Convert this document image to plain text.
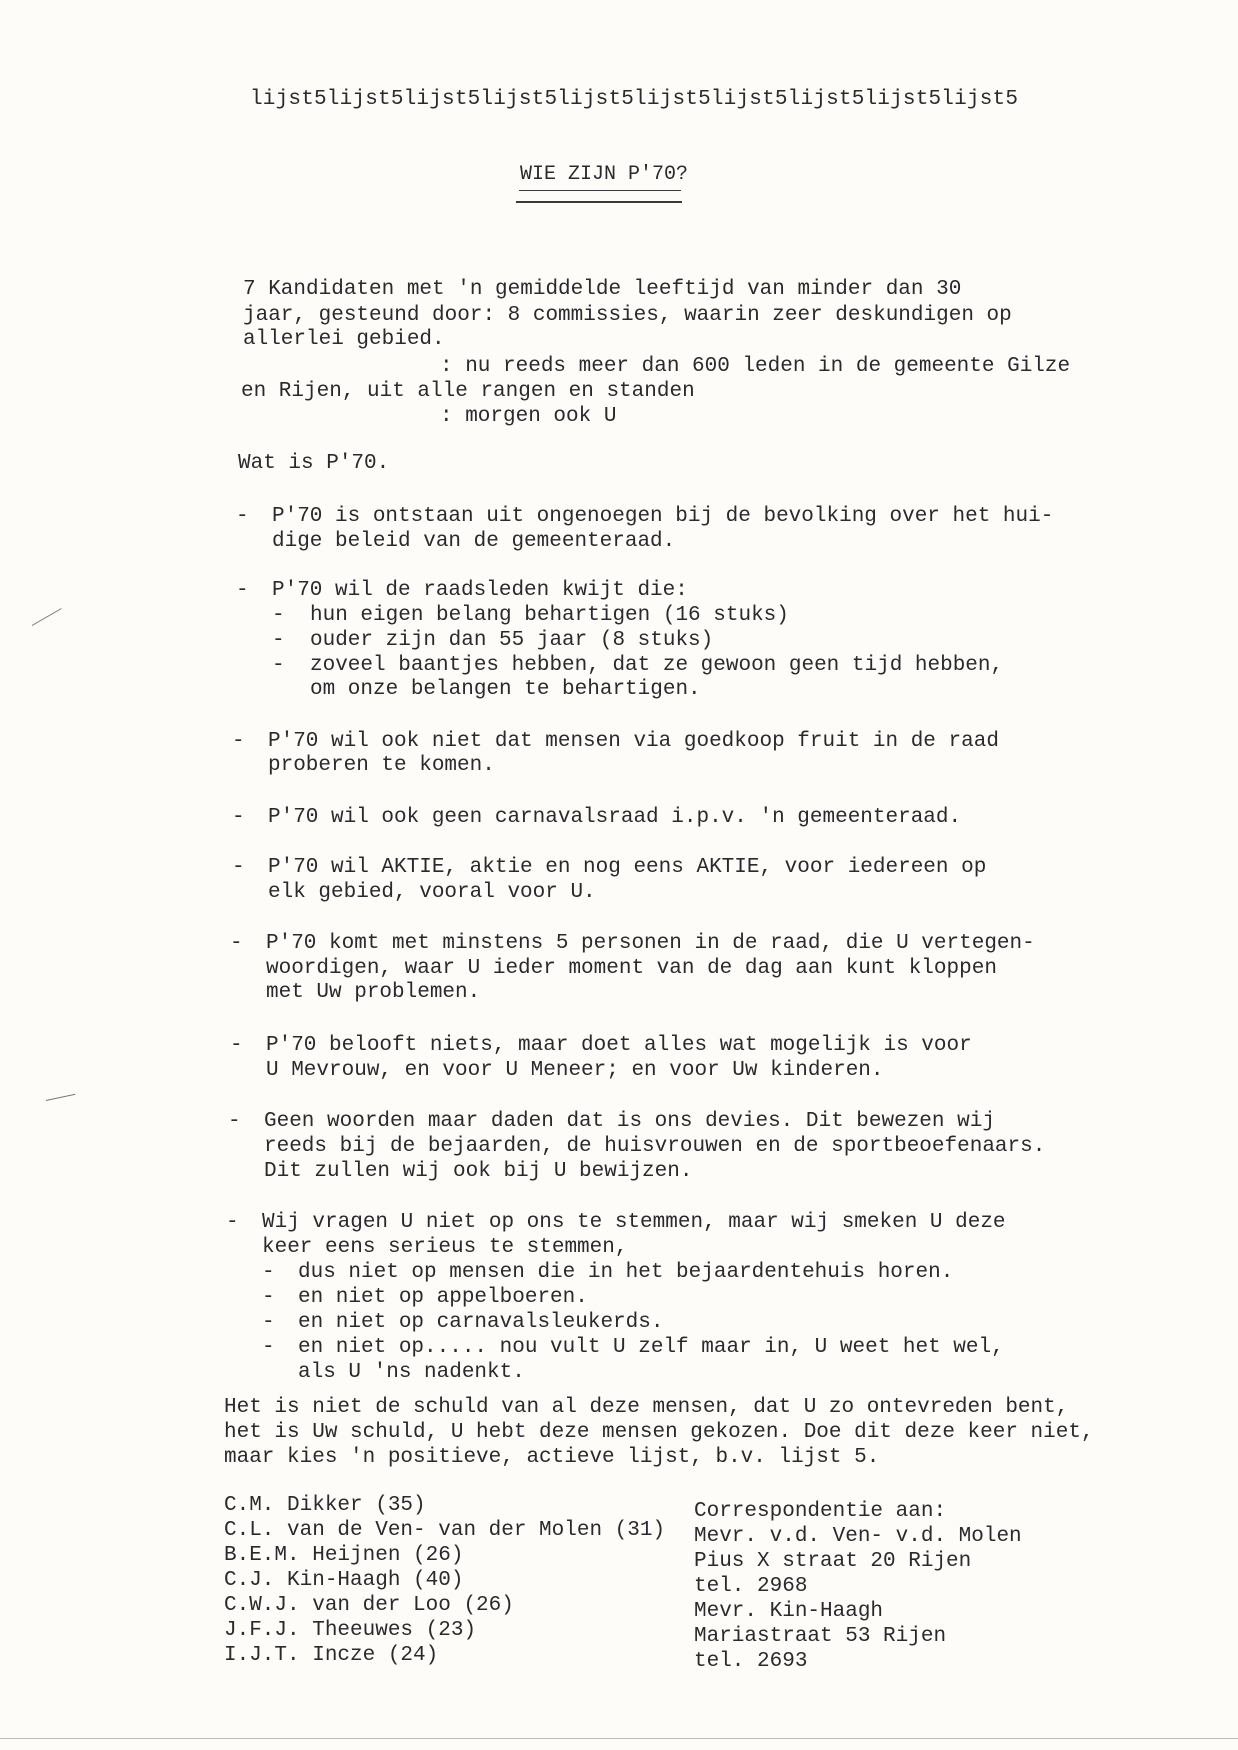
lijst5lijst5lijst5lijst5lijst5lijst5lijst5lijst5lijst5lijst5
WIE ZIJN P'70?
7 Kandidaten met 'n gemiddelde leeftijd van minder dan 30
jaar, gesteund door: 8 commissies, waarin zeer deskundigen op
allerlei gebied.
: nu reeds meer dan 600 leden in de gemeente Gilze
en Rijen, uit alle rangen en standen
: morgen ook U
Wat is P'70.
- P'70 is ontstaan uit ongenoegen bij de bevolking over het hui-
dige beleid van de gemeenteraad.
- P'70 wil de raadsleden kwijt die:
- hun eigen belang behartigen (16 stuks)
- ouder zijn dan 55 jaar (8 stuks)
- zoveel baantjes hebben, dat ze gewoon geen tijd hebben,
om onze belangen te behartigen.
- P'70 wil ook niet dat mensen via goedkoop fruit in de raad
proberen te komen.
- P'70 wil ook geen carnavalsraad i.p.v. 'n gemeenteraad.
- P'70 wil AKTIE, aktie en nog eens AKTIE, voor iedereen op
elk gebied, vooral voor U.
- P'70 komt met minstens 5 personen in de raad, die U vertegen-
woordigen, waar U ieder moment van de dag aan kunt kloppen
met Uw problemen.
- P'70 belooft niets, maar doet alles wat mogelijk is voor
U Mevrouw, en voor U Meneer; en voor Uw kinderen.
- Geen woorden maar daden dat is ons devies. Dit bewezen wij
reeds bij de bejaarden, de huisvrouwen en de sportbeoefenaars.
Dit zullen wij ook bij U bewijzen.
- Wij vragen U niet op ons te stemmen, maar wij smeken U deze
keer eens serieus te stemmen,
- dus niet op mensen die in het bejaardentehuis horen.
- en niet op appelboeren.
- en niet op carnavalsleukerds.
- en niet op..... nou vult U zelf maar in, U weet het wel,
als U 'ns nadenkt.
Het is niet de schuld van al deze mensen, dat U zo ontevreden bent,
het is Uw schuld, U hebt deze mensen gekozen. Doe dit deze keer niet,
maar kies 'n positieve, actieve lijst, b.v. lijst 5.
C.M. Dikker (35)
C.L. van de Ven- van der Molen (31)
B.E.M. Heijnen (26)
C.J. Kin-Haagh (40)
C.W.J. van der Loo (26)
J.F.J. Theeuwes (23)
I.J.T. Incze (24)
Correspondentie aan:
Mevr. v.d. Ven- v.d. Molen
Pius X straat 20 Rijen
tel. 2968
Mevr. Kin-Haagh
Mariastraat 53 Rijen
tel. 2693
